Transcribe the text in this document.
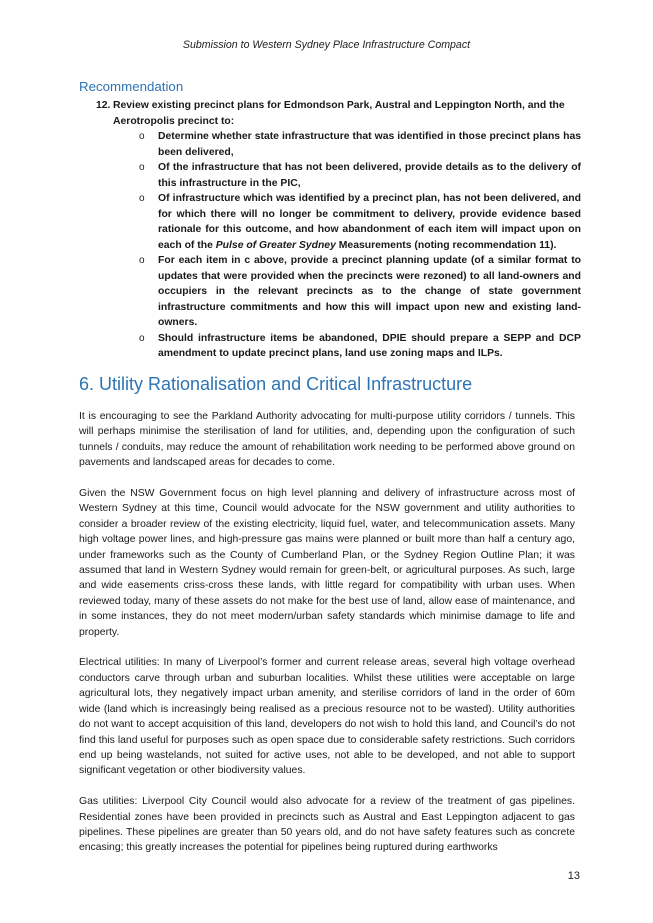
Submission to Western Sydney Place Infrastructure Compact
Recommendation
12. Review existing precinct plans for Edmondson Park, Austral and Leppington North, and the Aerotropolis precinct to:
o Determine whether state infrastructure that was identified in those precinct plans has been delivered,
o Of the infrastructure that has not been delivered, provide details as to the delivery of this infrastructure in the PIC,
o Of infrastructure which was identified by a precinct plan, has not been delivered, and for which there will no longer be commitment to delivery, provide evidence based rationale for this outcome, and how abandonment of each item will impact upon on each of the Pulse of Greater Sydney Measurements (noting recommendation 11).
o For each item in c above, provide a precinct planning update (of a similar format to updates that were provided when the precincts were rezoned) to all land-owners and occupiers in the relevant precincts as to the change of state government infrastructure commitments and how this will impact upon new and existing land-owners.
o Should infrastructure items be abandoned, DPIE should prepare a SEPP and DCP amendment to update precinct plans, land use zoning maps and ILPs.
6. Utility Rationalisation and Critical Infrastructure

It is encouraging to see the Parkland Authority advocating for multi-purpose utility corridors / tunnels. This will perhaps minimise the sterilisation of land for utilities, and, depending upon the configuration of such tunnels / conduits, may reduce the amount of rehabilitation work needing to be performed above ground on pavements and landscaped areas for decades to come.

Given the NSW Government focus on high level planning and delivery of infrastructure across most of Western Sydney at this time, Council would advocate for the NSW government and utility authorities to consider a broader review of the existing electricity, liquid fuel, water, and telecommunication assets. Many high voltage power lines, and high-pressure gas mains were planned or built more than half a century ago, under frameworks such as the County of Cumberland Plan, or the Sydney Region Outline Plan; it was assumed that land in Western Sydney would remain for green-belt, or agricultural purposes. As such, large and wide easements criss-cross these lands, with little regard for compatibility with urban uses. When reviewed today, many of these assets do not make for the best use of land, allow ease of maintenance, and in some instances, they do not meet modern/urban safety standards which minimise damage to life and property.

Electrical utilities: In many of Liverpool’s former and current release areas, several high voltage overhead conductors carve through urban and suburban localities. Whilst these utilities were acceptable on large agricultural lots, they negatively impact urban amenity, and sterilise corridors of land in the order of 60m wide (land which is increasingly being realised as a precious resource not to be wasted). Utility authorities do not want to accept acquisition of this land, developers do not wish to hold this land, and Council’s do not find this land useful for purposes such as open space due to considerable safety restrictions. Such corridors end up being wastelands, not suited for active uses, not able to be developed, and not able to support significant vegetation or other biodiversity values.

Gas utilities: Liverpool City Council would also advocate for a review of the treatment of gas pipelines. Residential zones have been provided in precincts such as Austral and East Leppington adjacent to gas pipelines. These pipelines are greater than 50 years old, and do not have safety features such as concrete encasing; this greatly increases the potential for pipelines being ruptured during earthworks

13
